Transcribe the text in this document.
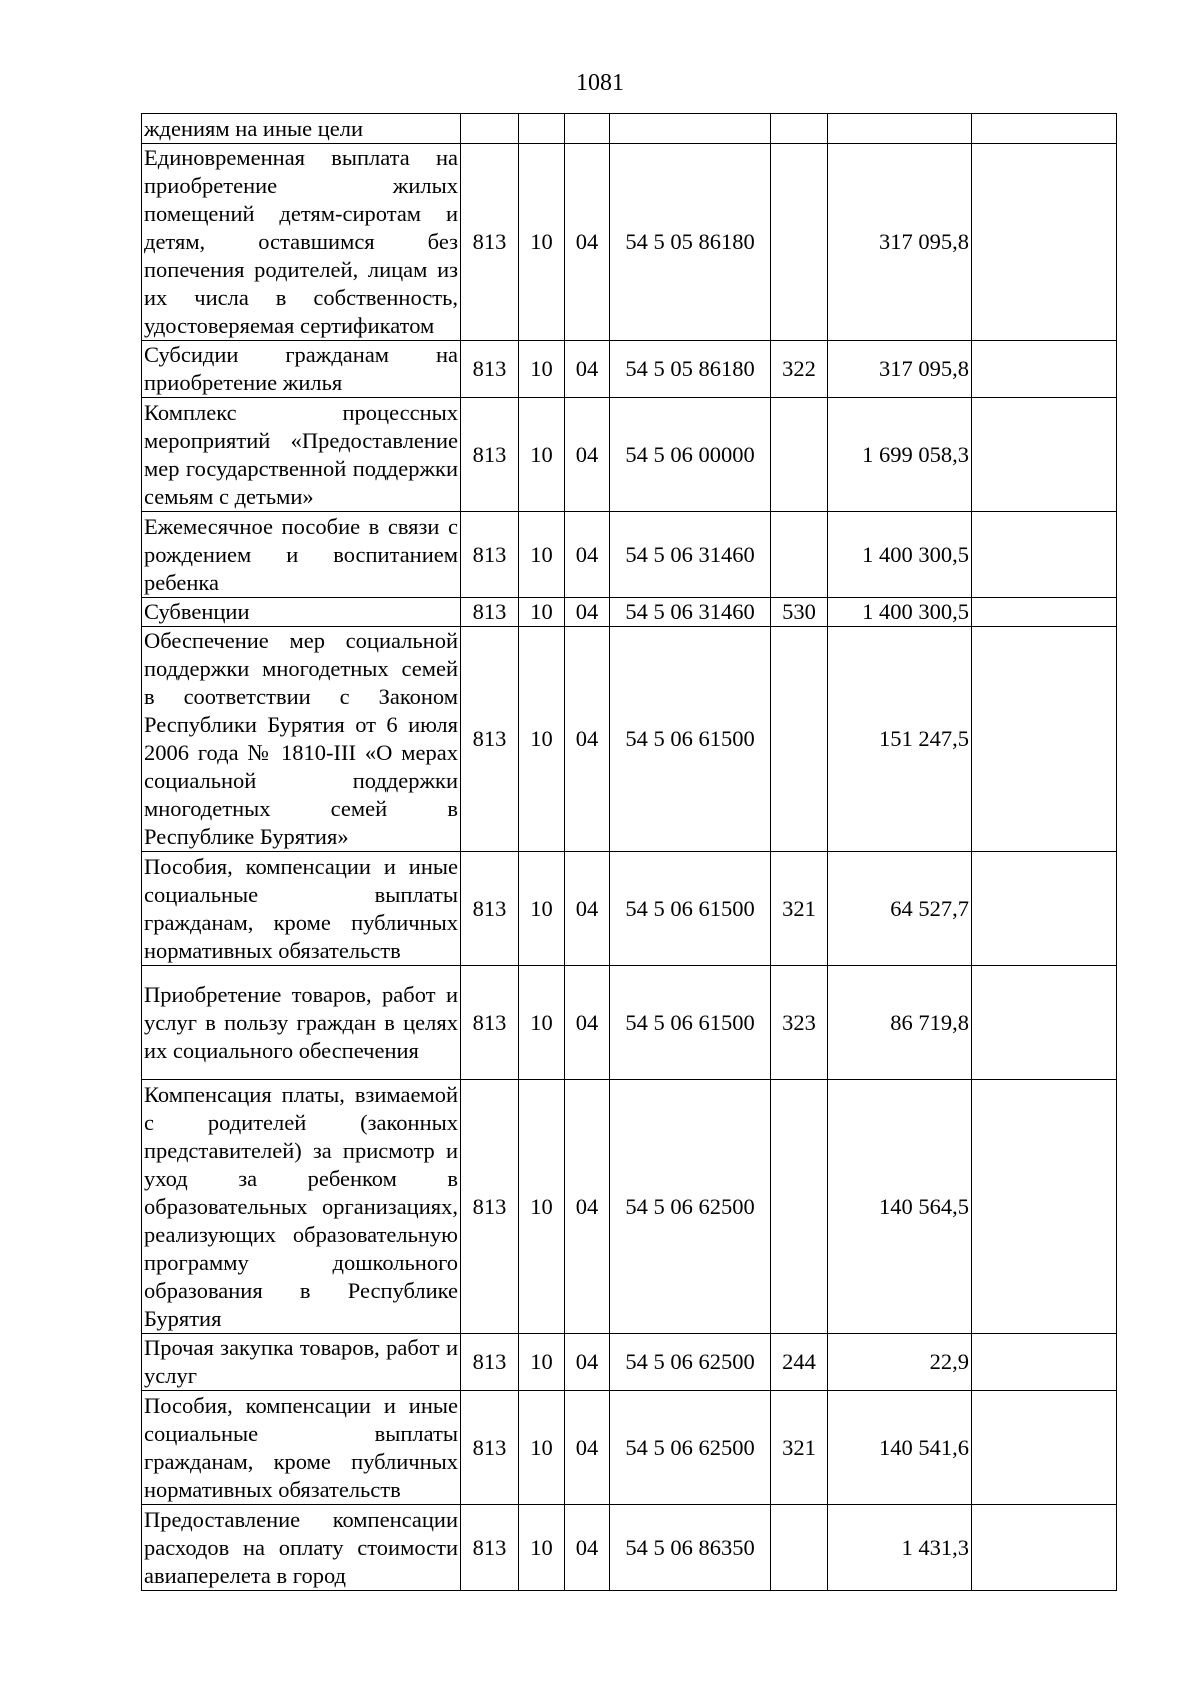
1081
ждениям на иные цели							
Единовременная выплата на приобретение жилых помещений детям-сиротам и детям, оставшимся без попечения родителей, лицам из их числа в собственность, удостоверяемая сертификатом	813	10	04	54 5 05 86180		317 095,8	
Субсидии гражданам на приобретение жилья	813	10	04	54 5 05 86180	322	317 095,8	
Комплекс процессных мероприятий «Предоставление мер государственной поддержки семьям с детьми»	813	10	04	54 5 06 00000		1 699 058,3	
Ежемесячное пособие в связи с рождением и воспитанием ребенка	813	10	04	54 5 06 31460		1 400 300,5	
Субвенции	813	10	04	54 5 06 31460	530	1 400 300,5	
Обеспечение мер социальной поддержки многодетных семей в соответствии с Законом Республики Бурятия от 6 июля 2006 года № 1810-III «О мерах социальной поддержки многодетных семей в Республике Бурятия»	813	10	04	54 5 06 61500		151 247,5	
Пособия, компенсации и иные социальные выплаты гражданам, кроме публичных нормативных обязательств	813	10	04	54 5 06 61500	321	64 527,7	
Приобретение товаров, работ и услуг в пользу граждан в целях их социального обеспечения	813	10	04	54 5 06 61500	323	86 719,8	
Компенсация платы, взимаемой с родителей (законных представителей) за присмотр и уход за ребенком в образовательных организациях, реализующих образовательную программу дошкольного образования в Республике Бурятия	813	10	04	54 5 06 62500		140 564,5	
Прочая закупка товаров, работ и услуг	813	10	04	54 5 06 62500	244	22,9	
Пособия, компенсации и иные социальные выплаты гражданам, кроме публичных нормативных обязательств	813	10	04	54 5 06 62500	321	140 541,6	
Предоставление компенсации расходов на оплату стоимости авиаперелета в город	813	10	04	54 5 06 86350		1 431,3	
